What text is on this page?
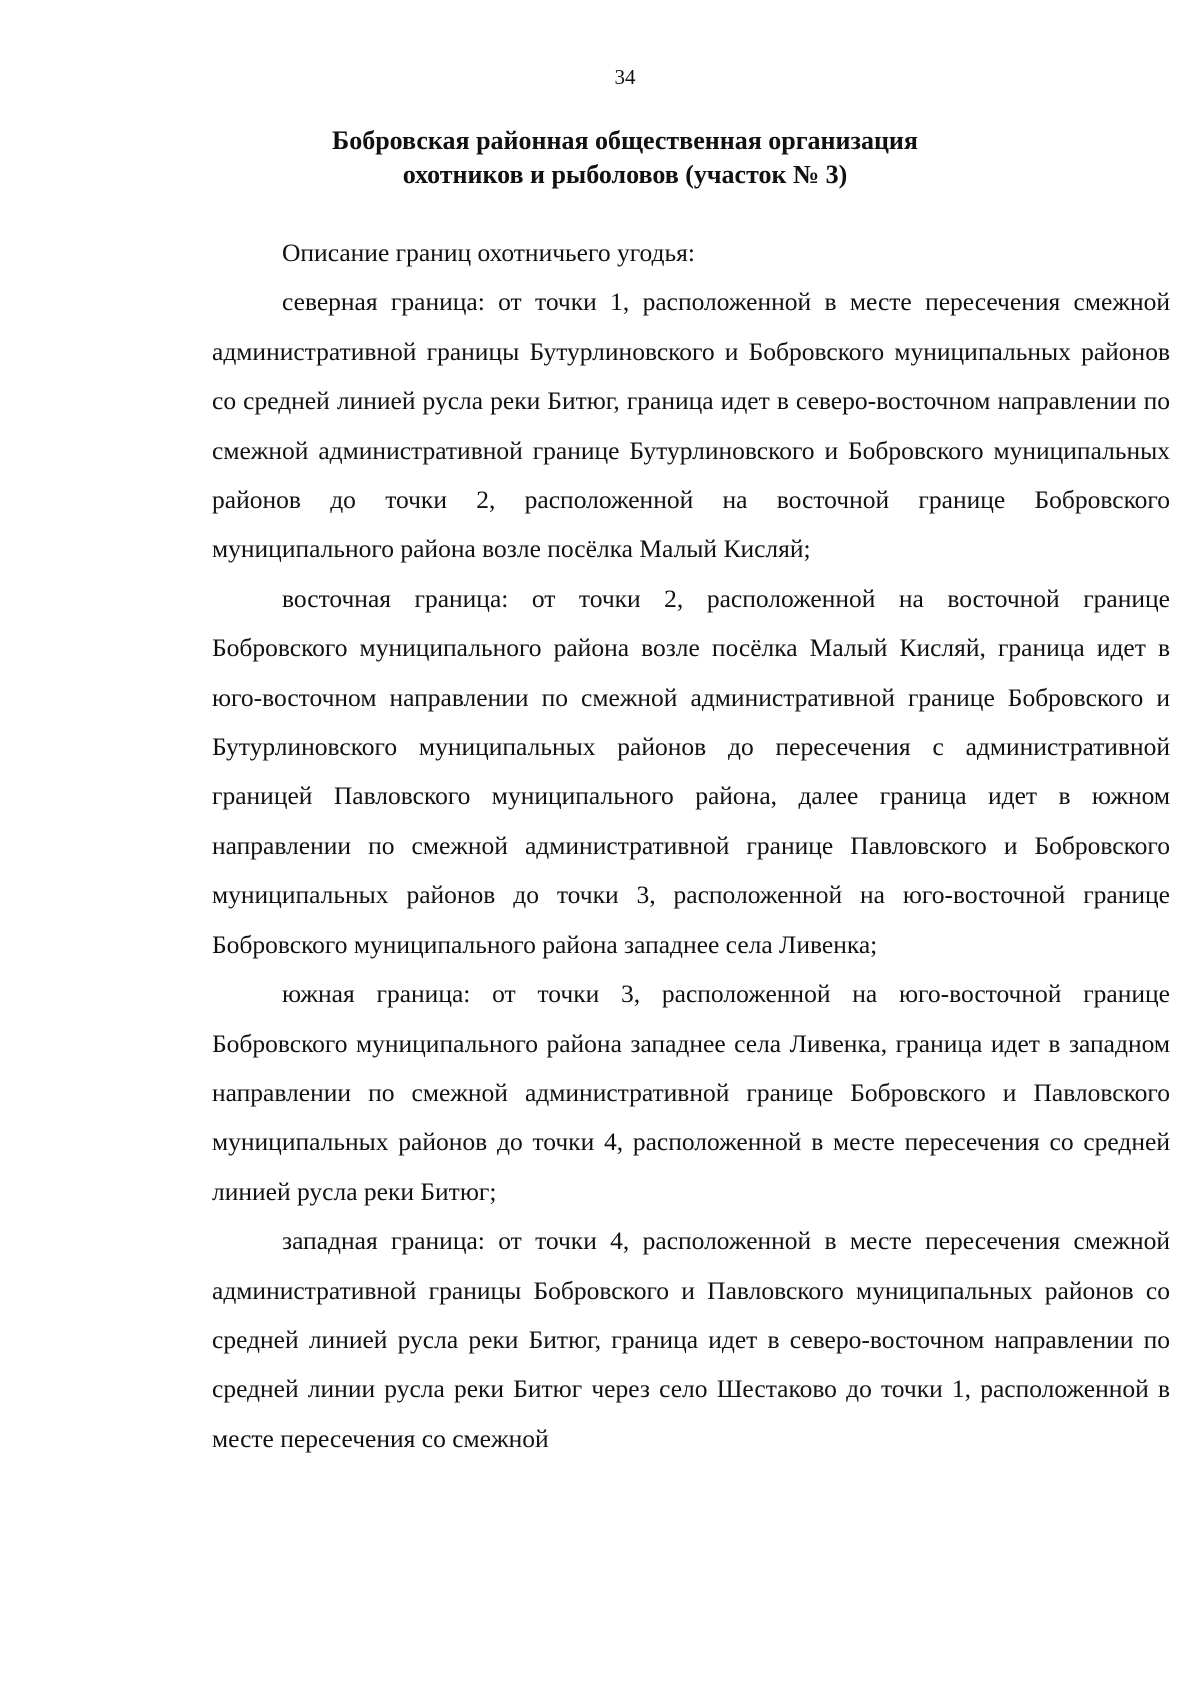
34
Бобровская районная общественная организация
охотников и рыболовов (участок № 3)

Описание границ охотничьего угодья:

северная граница: от точки 1, расположенной в месте пересечения смежной административной границы Бутурлиновского и Бобровского муниципальных районов со средней линией русла реки Битюг, граница идет в северо-восточном направлении по смежной административной границе Бутурлиновского и Бобровского муниципальных районов до точки 2, расположенной на восточной границе Бобровского муниципального района возле посёлка Малый Кисляй;

восточная граница: от точки 2, расположенной на восточной границе Бобровского муниципального района возле посёлка Малый Кисляй, граница идет в юго-восточном направлении по смежной административной границе Бобровского и Бутурлиновского муниципальных районов до пересечения с административной границей Павловского муниципального района, далее граница идет в южном направлении по смежной административной границе Павловского и Бобровского муниципальных районов до точки 3, расположенной на юго-восточной границе Бобровского муниципального района западнее села Ливенка;

южная граница: от точки 3, расположенной на юго-восточной границе Бобровского муниципального района западнее села Ливенка, граница идет в западном направлении по смежной административной границе Бобровского и Павловского муниципальных районов до точки 4, расположенной в месте пересечения со средней линией русла реки Битюг;

западная граница: от точки 4, расположенной в месте пересечения смежной административной границы Бобровского и Павловского муниципальных районов со средней линией русла реки Битюг, граница идет в северо-восточном направлении по средней линии русла реки Битюг через село Шестаково до точки 1, расположенной в месте пересечения со смежной
